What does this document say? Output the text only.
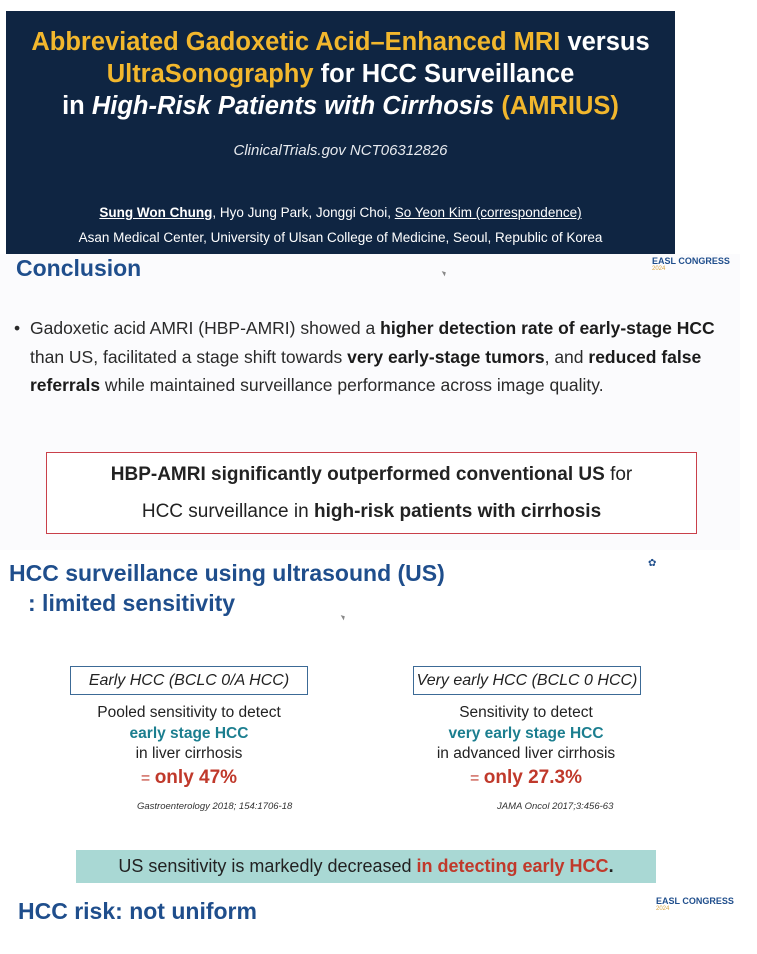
Abbreviated Gadoxetic Acid–Enhanced MRI versus
UltraSonography for HCC Surveillance
in High-Risk Patients with Cirrhosis (AMRIUS)
ClinicalTrials.gov NCT06312826
Sung Won Chung, Hyo Jung Park, Jonggi Choi, So Yeon Kim (correspondence)
Asan Medical Center, University of Ulsan College of Medicine, Seoul, Republic of Korea
Conclusion	EASL CONGRESS
2024
• Gadoxetic acid AMRI (HBP-AMRI) showed a higher detection rate of early-stage HCC than US, facilitated a stage shift towards very early-stage tumors, and reduced false referrals while maintained surveillance performance across image quality.
HBP-AMRI significantly outperformed conventional US for
HCC surveillance in high-risk patients with cirrhosis
HCC surveillance using ultrasound (US)
: limited sensitivity
✿
Early HCC (BCLC 0/A HCC)
Pooled sensitivity to detect
early stage HCC
in liver cirrhosis
= only 47%
Gastroenterology 2018; 154:1706-18
Very early HCC (BCLC 0 HCC)
Sensitivity to detect
very early stage HCC
in advanced liver cirrhosis
= only 27.3%
JAMA Oncol 2017;3:456-63
US sensitivity is markedly decreased in detecting early HCC.
HCC risk: not uniform	EASL CONGRESS
2024
